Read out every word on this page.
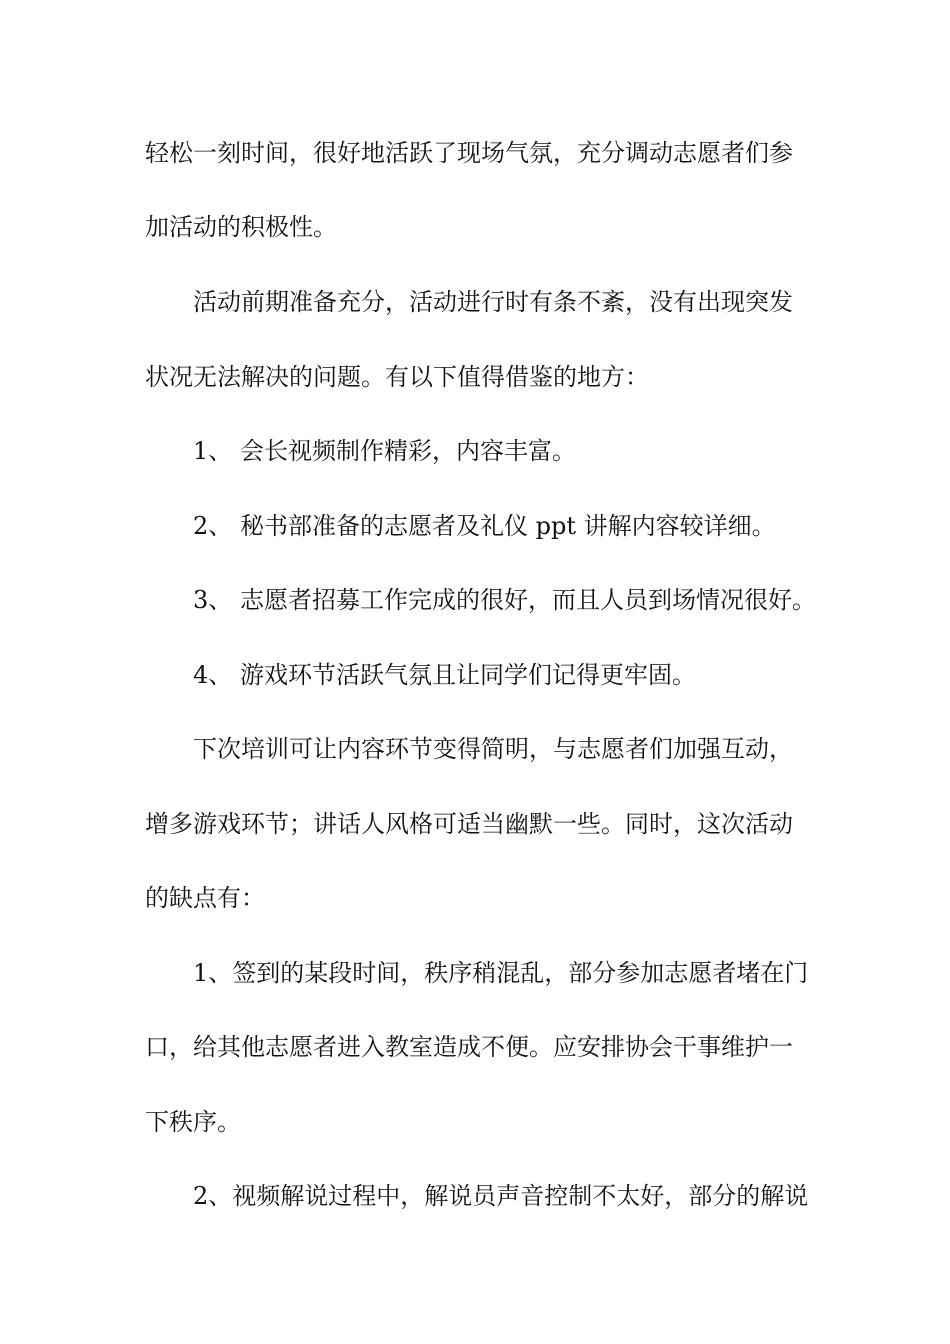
轻松一刻时间，很好地活跃了现场气氛，充分调动志愿者们参

加活动的积极性。

活动前期准备充分，活动进行时有条不紊，没有出现突发

状况无法解决的问题。有以下值得借鉴的地方：

1、 会长视频制作精彩，内容丰富。

2、 秘书部准备的志愿者及礼仪 ppt 讲解内容较详细。

3、 志愿者招募工作完成的很好，而且人员到场情况很好。

4、 游戏环节活跃气氛且让同学们记得更牢固。

下次培训可让内容环节变得简明，与志愿者们加强互动，

增多游戏环节；讲话人风格可适当幽默一些。同时，这次活动

的缺点有：

1、签到的某段时间，秩序稍混乱，部分参加志愿者堵在门

口，给其他志愿者进入教室造成不便。应安排协会干事维护一

下秩序。

2、视频解说过程中，解说员声音控制不太好，部分的解说
